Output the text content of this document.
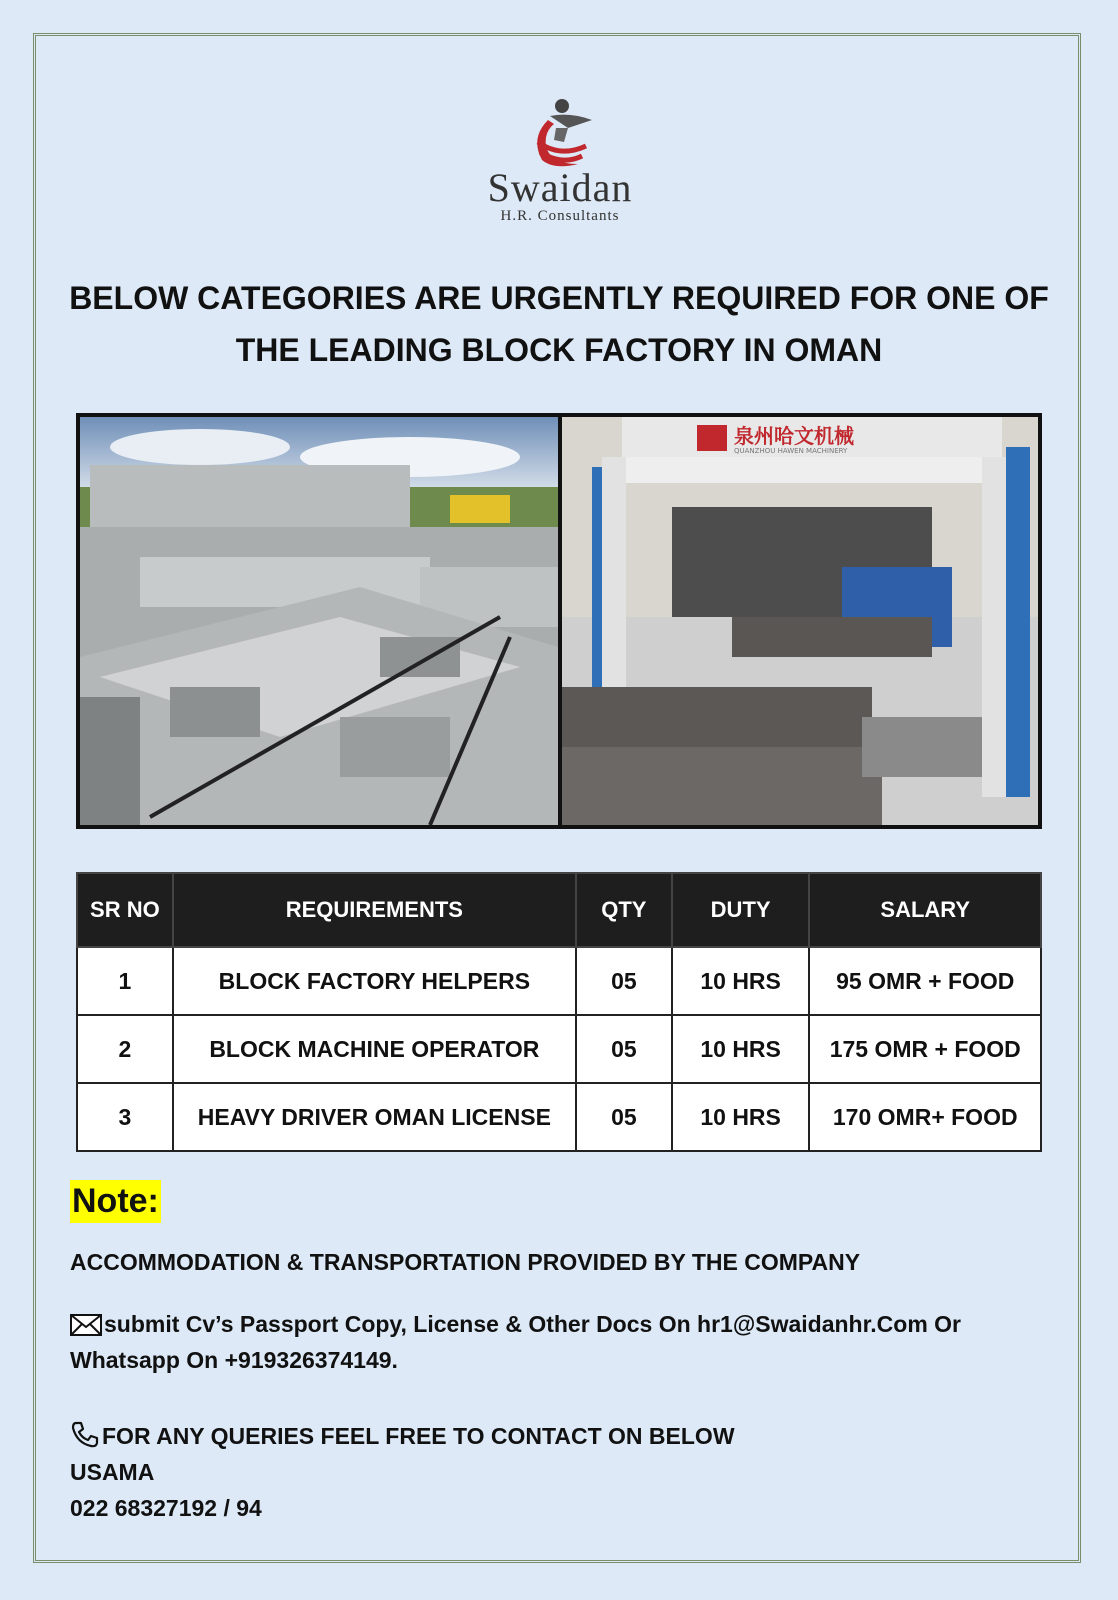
Swaidan
H.R. Consultants
BELOW CATEGORIES ARE URGENTLY REQUIRED FOR ONE OF
THE LEADING BLOCK FACTORY IN OMAN
泉州哈文机械
QUANZHOU HAWEN MACHINERY
SR NO	REQUIREMENTS	QTY	DUTY	SALARY
1	BLOCK FACTORY HELPERS	05	10 HRS	95 OMR + FOOD
2	BLOCK MACHINE OPERATOR	05	10 HRS	175 OMR + FOOD
3	HEAVY DRIVER OMAN LICENSE	05	10 HRS	170 OMR+ FOOD
Note:
ACCOMMODATION & TRANSPORTATION PROVIDED BY THE COMPANY
submit Cv’s Passport Copy, License & Other Docs On hr1@Swaidanhr.Com Or
Whatsapp On +919326374149.
FOR ANY QUERIES FEEL FREE TO CONTACT ON BELOW
USAMA
022 68327192 / 94
